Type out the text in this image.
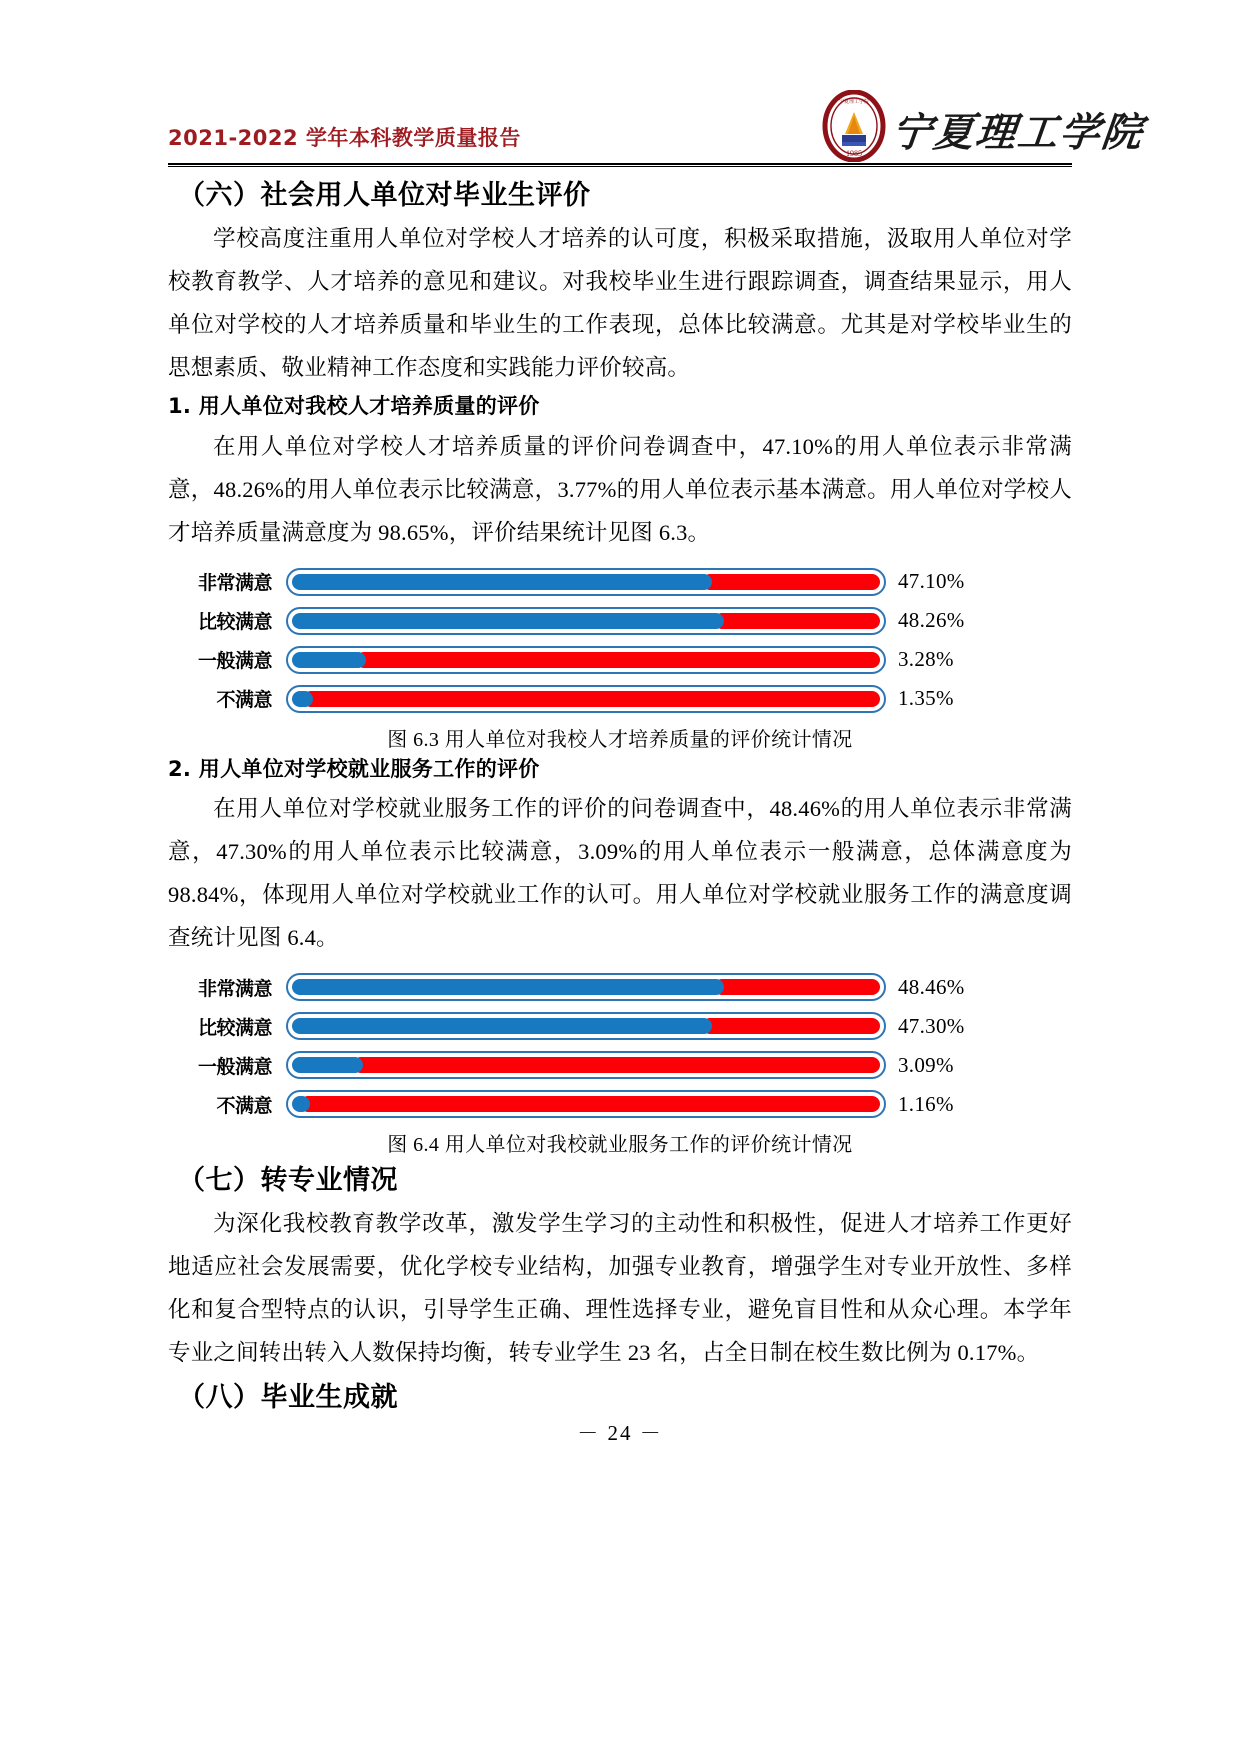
2021-2022 学年本科教学质量报告
1985
宁夏理工学院
宁夏理工学院
（六）社会用人单位对毕业生评价

学校高度注重用人单位对学校人才培养的认可度，积极采取措施，汲取用人单位对学校教育教学、人才培养的意见和建议。对我校毕业生进行跟踪调查，调查结果显示，用人单位对学校的人才培养质量和毕业生的工作表现，总体比较满意。尤其是对学校毕业生的思想素质、敬业精神工作态度和实践能力评价较高。

1. 用人单位对我校人才培养质量的评价

在用人单位对学校人才培养质量的评价问卷调查中，47.10%的用人单位表示非常满意，48.26%的用人单位表示比较满意，3.77%的用人单位表示基本满意。用人单位对学校人才培养质量满意度为 98.65%，评价结果统计见图 6.3。

非常满意	47.10%
比较满意	48.26%
一般满意	3.28%
不满意	1.35%
图 6.3 用人单位对我校人才培养质量的评价统计情况
2. 用人单位对学校就业服务工作的评价

在用人单位对学校就业服务工作的评价的问卷调查中，48.46%的用人单位表示非常满意，47.30%的用人单位表示比较满意，3.09%的用人单位表示一般满意，总体满意度为 98.84%，体现用人单位对学校就业工作的认可。用人单位对学校就业服务工作的满意度调查统计见图 6.4。

非常满意	48.46%
比较满意	47.30%
一般满意	3.09%
不满意	1.16%
图 6.4 用人单位对我校就业服务工作的评价统计情况
（七）转专业情况

为深化我校教育教学改革，激发学生学习的主动性和积极性，促进人才培养工作更好地适应社会发展需要，优化学校专业结构，加强专业教育，增强学生对专业开放性、多样化和复合型特点的认识，引导学生正确、理性选择专业，避免盲目性和从众心理。本学年专业之间转出转入人数保持均衡，转专业学生 23 名，占全日制在校生数比例为 0.17%。

（八）毕业生成就
－ 24 －
